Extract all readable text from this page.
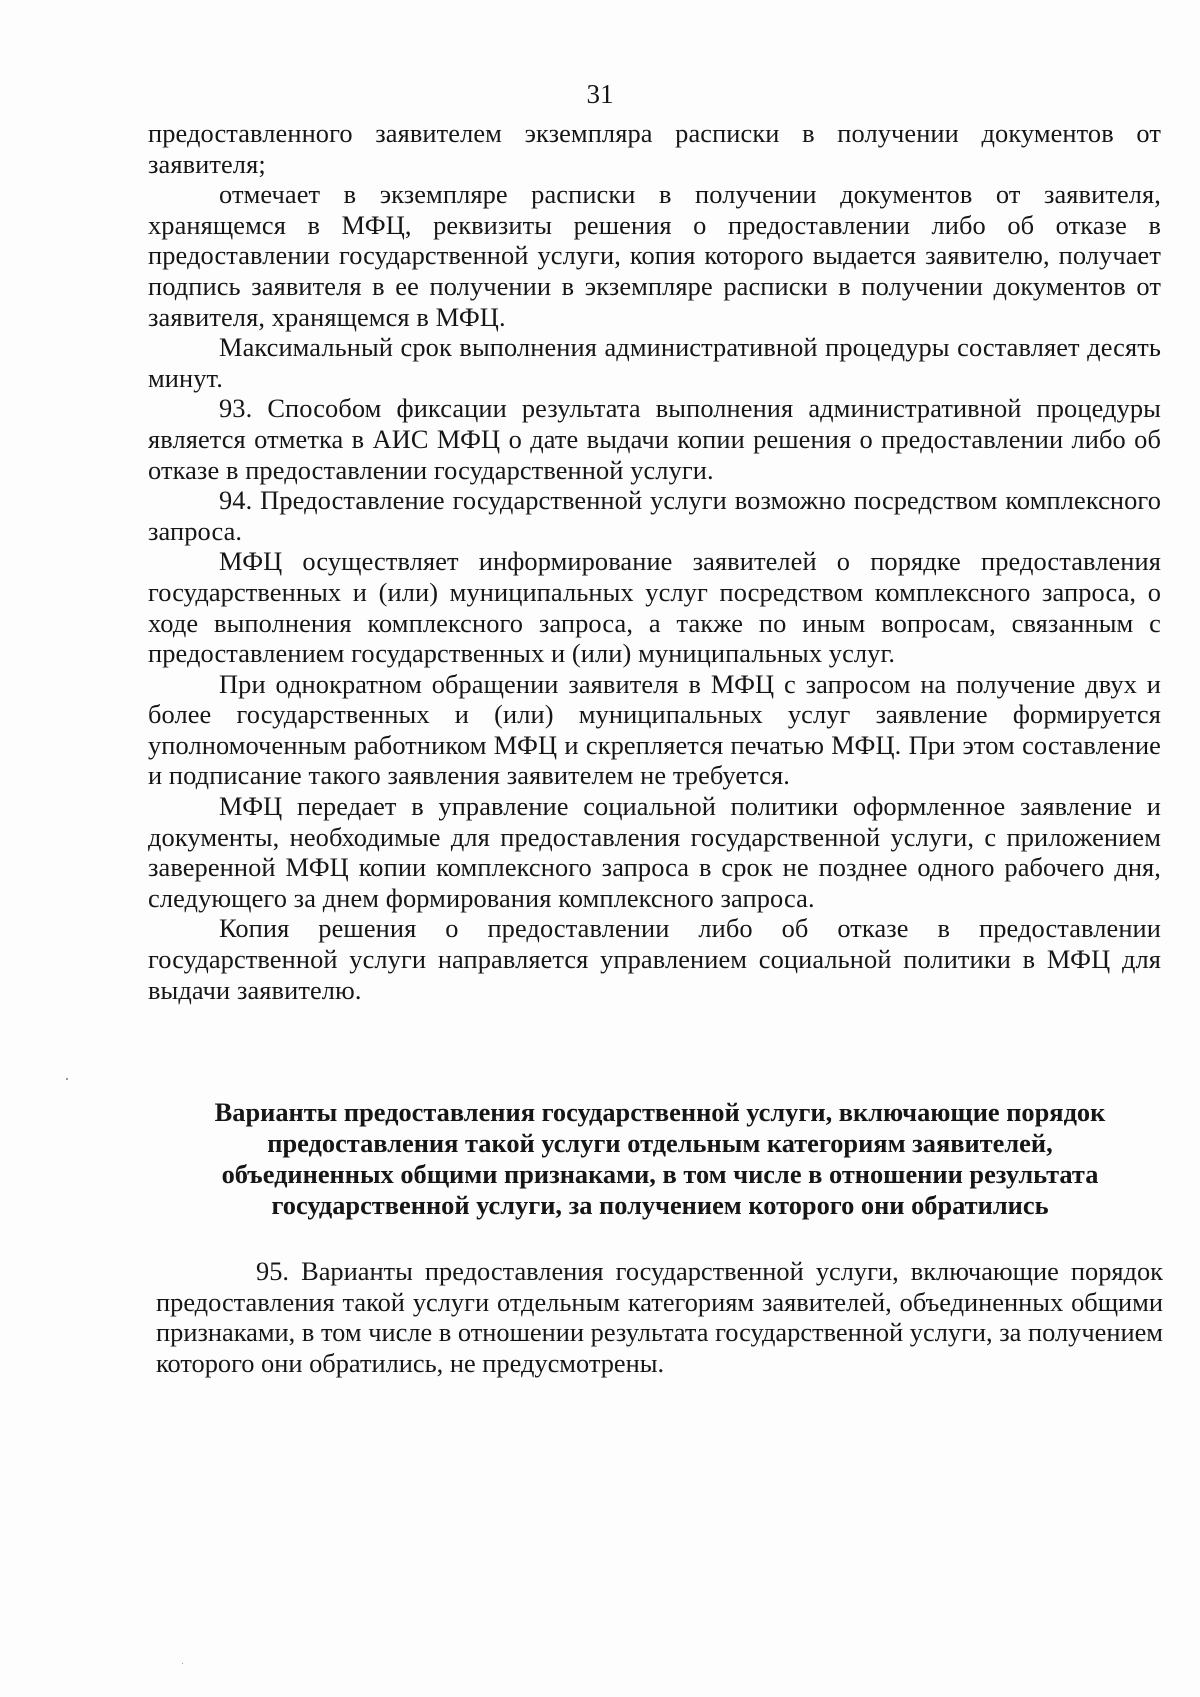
31

предоставленного заявителем экземпляра расписки в получении документов от заявителя;

отмечает в экземпляре расписки в получении документов от заявителя, хранящемся в МФЦ, реквизиты решения о предоставлении либо об отказе в предоставлении государственной услуги, копия которого выдается заявителю, получает подпись заявителя в ее получении в экземпляре расписки в получении документов от заявителя, хранящемся в МФЦ.

Максимальный срок выполнения административной процедуры составляет десять минут.

93. Способом фиксации результата выполнения административной процедуры является отметка в АИС МФЦ о дате выдачи копии решения о предоставлении либо об отказе в предоставлении государственной услуги.

94. Предоставление государственной услуги возможно посредством комплексного запроса.

МФЦ осуществляет информирование заявителей о порядке предоставления государственных и (или) муниципальных услуг посредством комплексного запроса, о ходе выполнения комплексного запроса, а также по иным вопросам, связанным с предоставлением государственных и (или) муниципальных услуг.

При однократном обращении заявителя в МФЦ с запросом на получение двух и более государственных и (или) муниципальных услуг заявление формируется уполномоченным работником МФЦ и скрепляется печатью МФЦ. При этом составление и подписание такого заявления заявителем не требуется.

МФЦ передает в управление социальной политики оформленное заявление и документы, необходимые для предоставления государственной услуги, с приложением заверенной МФЦ копии комплексного запроса в срок не позднее одного рабочего дня, следующего за днем формирования комплексного запроса.

Копия решения о предоставлении либо об отказе в предоставлении государственной услуги направляется управлением социальной политики в МФЦ для выдачи заявителю.

Варианты предоставления государственной услуги, включающие порядок
предоставления такой услуги отдельным категориям заявителей,
объединенных общими признаками, в том числе в отношении результата
государственной услуги, за получением которого они обратились

95. Варианты предоставления государственной услуги, включающие порядок предоставления такой услуги отдельным категориям заявителей, объединенных общими признаками, в том числе в отношении результата государственной услуги, за получением которого они обратились, не предусмотрены.
